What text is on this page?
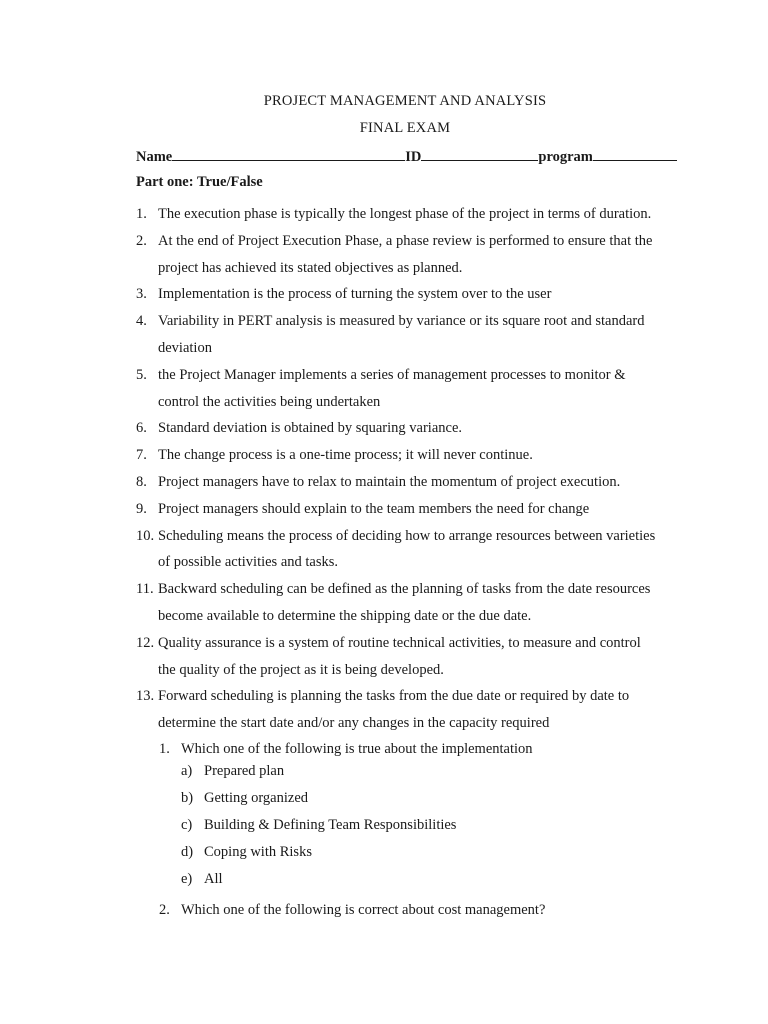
PROJECT MANAGEMENT AND ANALYSIS
FINAL EXAM
Name	ID	program
Part one: True/False
1. The execution phase is typically the longest phase of the project in terms of duration.
2. At the end of Project Execution Phase, a phase review is performed to ensure that the
project has achieved its stated objectives as planned.
3. Implementation is the process of turning the system over to the user
4. Variability in PERT analysis is measured by variance or its square root and standard
deviation
5. the Project Manager implements a series of management processes to monitor &
control the activities being undertaken
6. Standard deviation is obtained by squaring variance.
7. The change process is a one-time process; it will never continue.
8. Project managers have to relax to maintain the momentum of project execution.
9. Project managers should explain to the team members the need for change
10. Scheduling means the process of deciding how to arrange resources between varieties
of possible activities and tasks.
11. Backward scheduling can be defined as the planning of tasks from the date resources
become available to determine the shipping date or the due date.
12. Quality assurance is a system of routine technical activities, to measure and control
the quality of the project as it is being developed.
13. Forward scheduling is planning the tasks from the due date or required by date to
determine the start date and/or any changes in the capacity required
1. Which one of the following is true about the implementation
a) Prepared plan
b) Getting organized
c) Building & Defining Team Responsibilities
d) Coping with Risks
e) All
2. Which one of the following is correct about cost management?
